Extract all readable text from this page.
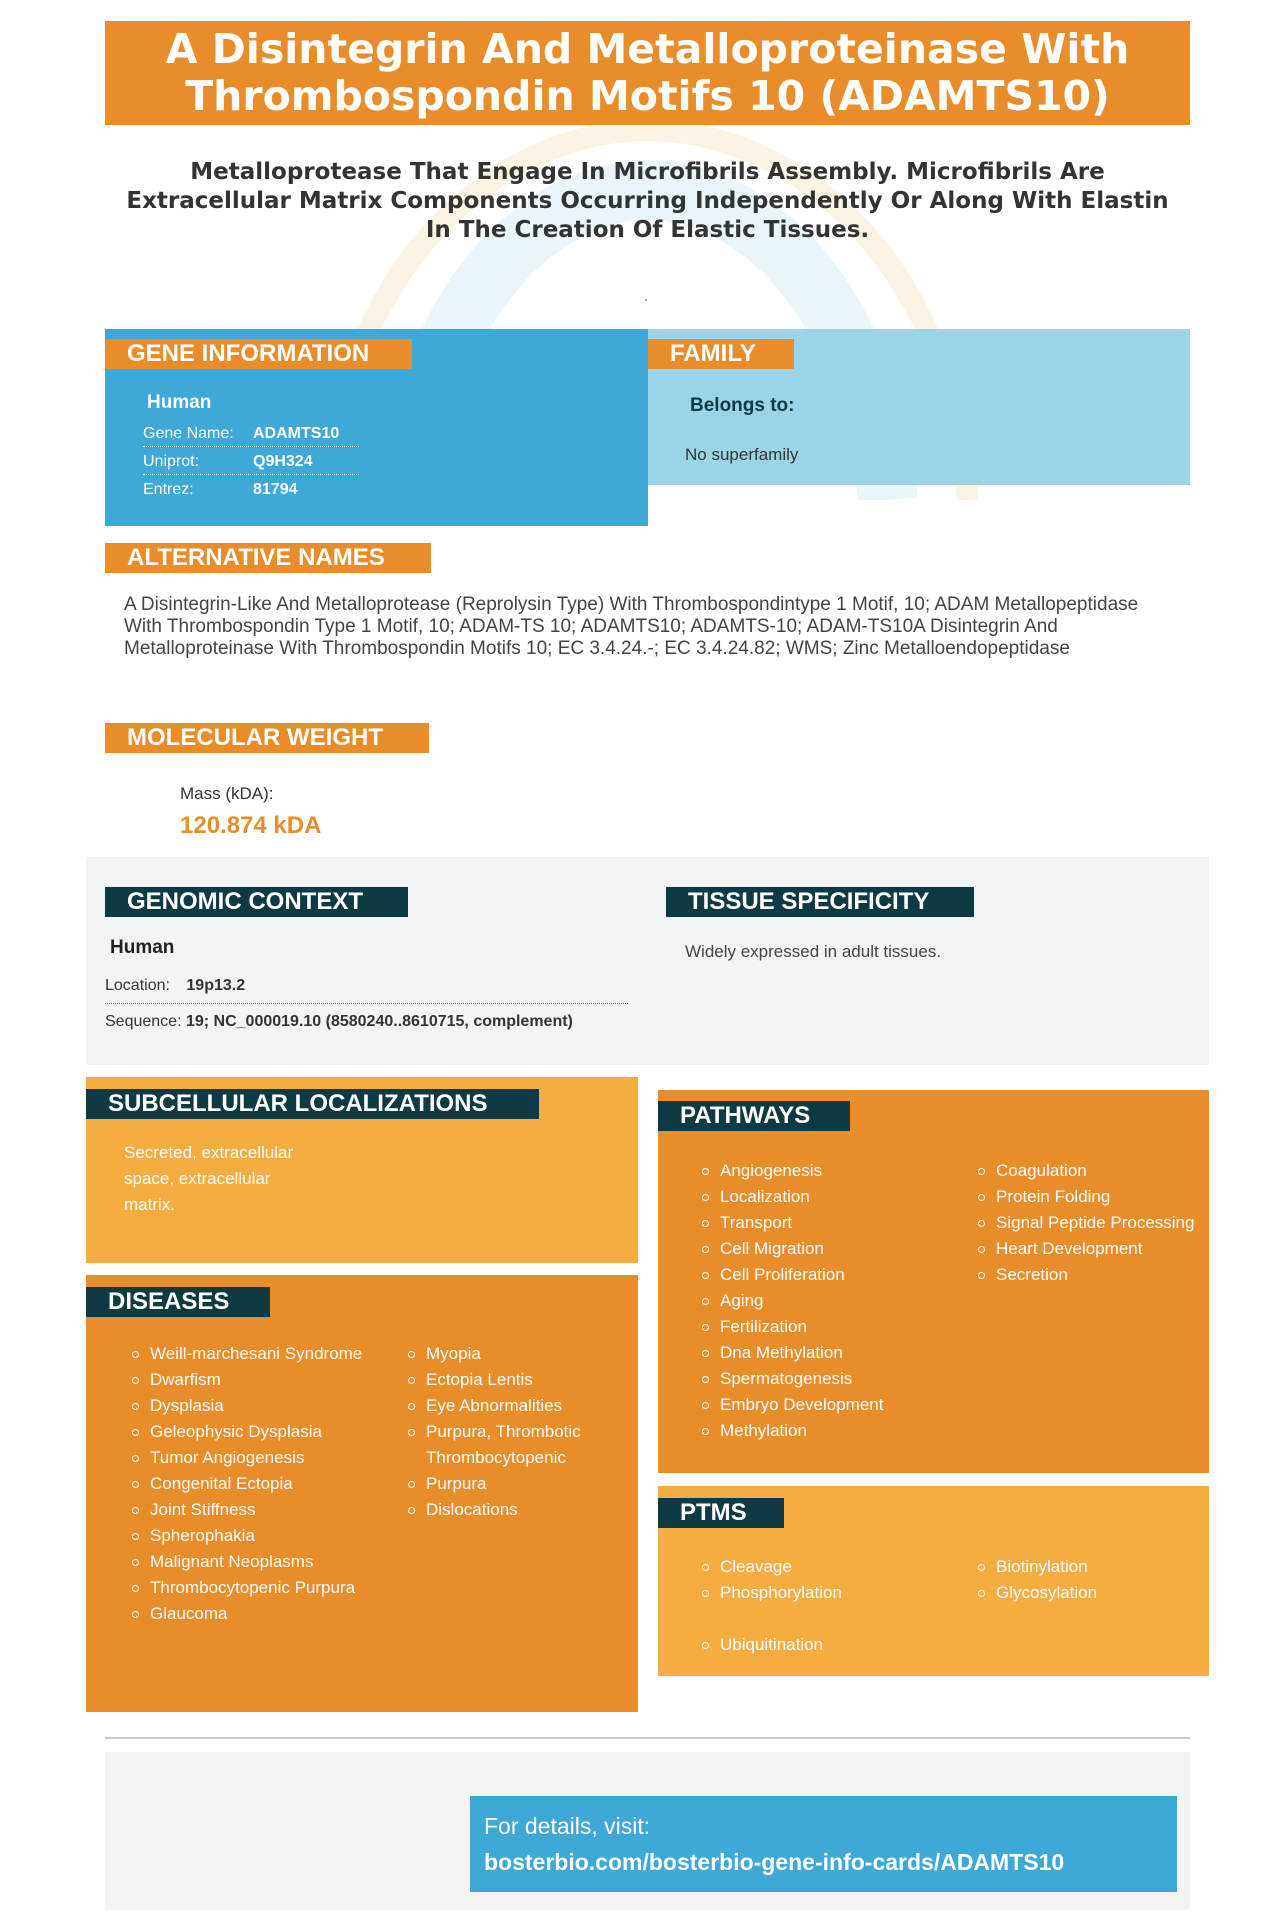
A Disintegrin And Metalloproteinase With Thrombospondin Motifs 10 (ADAMTS10)
Metalloprotease That Engage In Microfibrils Assembly. Microfibrils Are Extracellular Matrix Components Occurring Independently Or Along With Elastin In The Creation Of Elastic Tissues.
.
GENE INFORMATION
Human
Gene Name: ADAMTS10
Uniprot:	Q9H324
Entrez:	81794
FAMILY
Belongs to:
No superfamily
ALTERNATIVE NAMES
A Disintegrin-Like And Metalloprotease (Reprolysin Type) With Thrombospondintype 1 Motif, 10; ADAM Metallopeptidase With Thrombospondin Type 1 Motif, 10; ADAM-TS 10; ADAMTS10; ADAMTS-10; ADAM-TS10A Disintegrin And Metalloproteinase With Thrombospondin Motifs 10; EC 3.4.24.-; EC 3.4.24.82; WMS; Zinc Metalloendopeptidase
MOLECULAR WEIGHT
Mass (kDA):
120.874 kDA
GENOMIC CONTEXT
Human
Location: 19p13.2
Sequence: 19; NC_000019.10 (8580240..8610715, complement)
TISSUE SPECIFICITY
Widely expressed in adult tissues.
SUBCELLULAR LOCALIZATIONS
Secreted, extracellular space, extracellular matrix.
DISEASES
Weill-marchesani Syndrome
Dwarfism
Dysplasia
Geleophysic Dysplasia
Tumor Angiogenesis
Congenital Ectopia
Joint Stiffness
Spherophakia
Malignant Neoplasms
Thrombocytopenic Purpura
Glaucoma
Myopia
Ectopia Lentis
Eye Abnormalities
Purpura, Thrombotic Thrombocytopenic
Purpura
Dislocations
PATHWAYS
Angiogenesis
Localization
Transport
Cell Migration
Cell Proliferation
Aging
Fertilization
Dna Methylation
Spermatogenesis
Embryo Development
Methylation
Coagulation
Protein Folding
Signal Peptide Processing
Heart Development
Secretion
PTMS
Cleavage
Phosphorylation
Biotinylation
Glycosylation
Ubiquitination
For details, visit:
bosterbio.com/bosterbio-gene-info-cards/ADAMTS10
